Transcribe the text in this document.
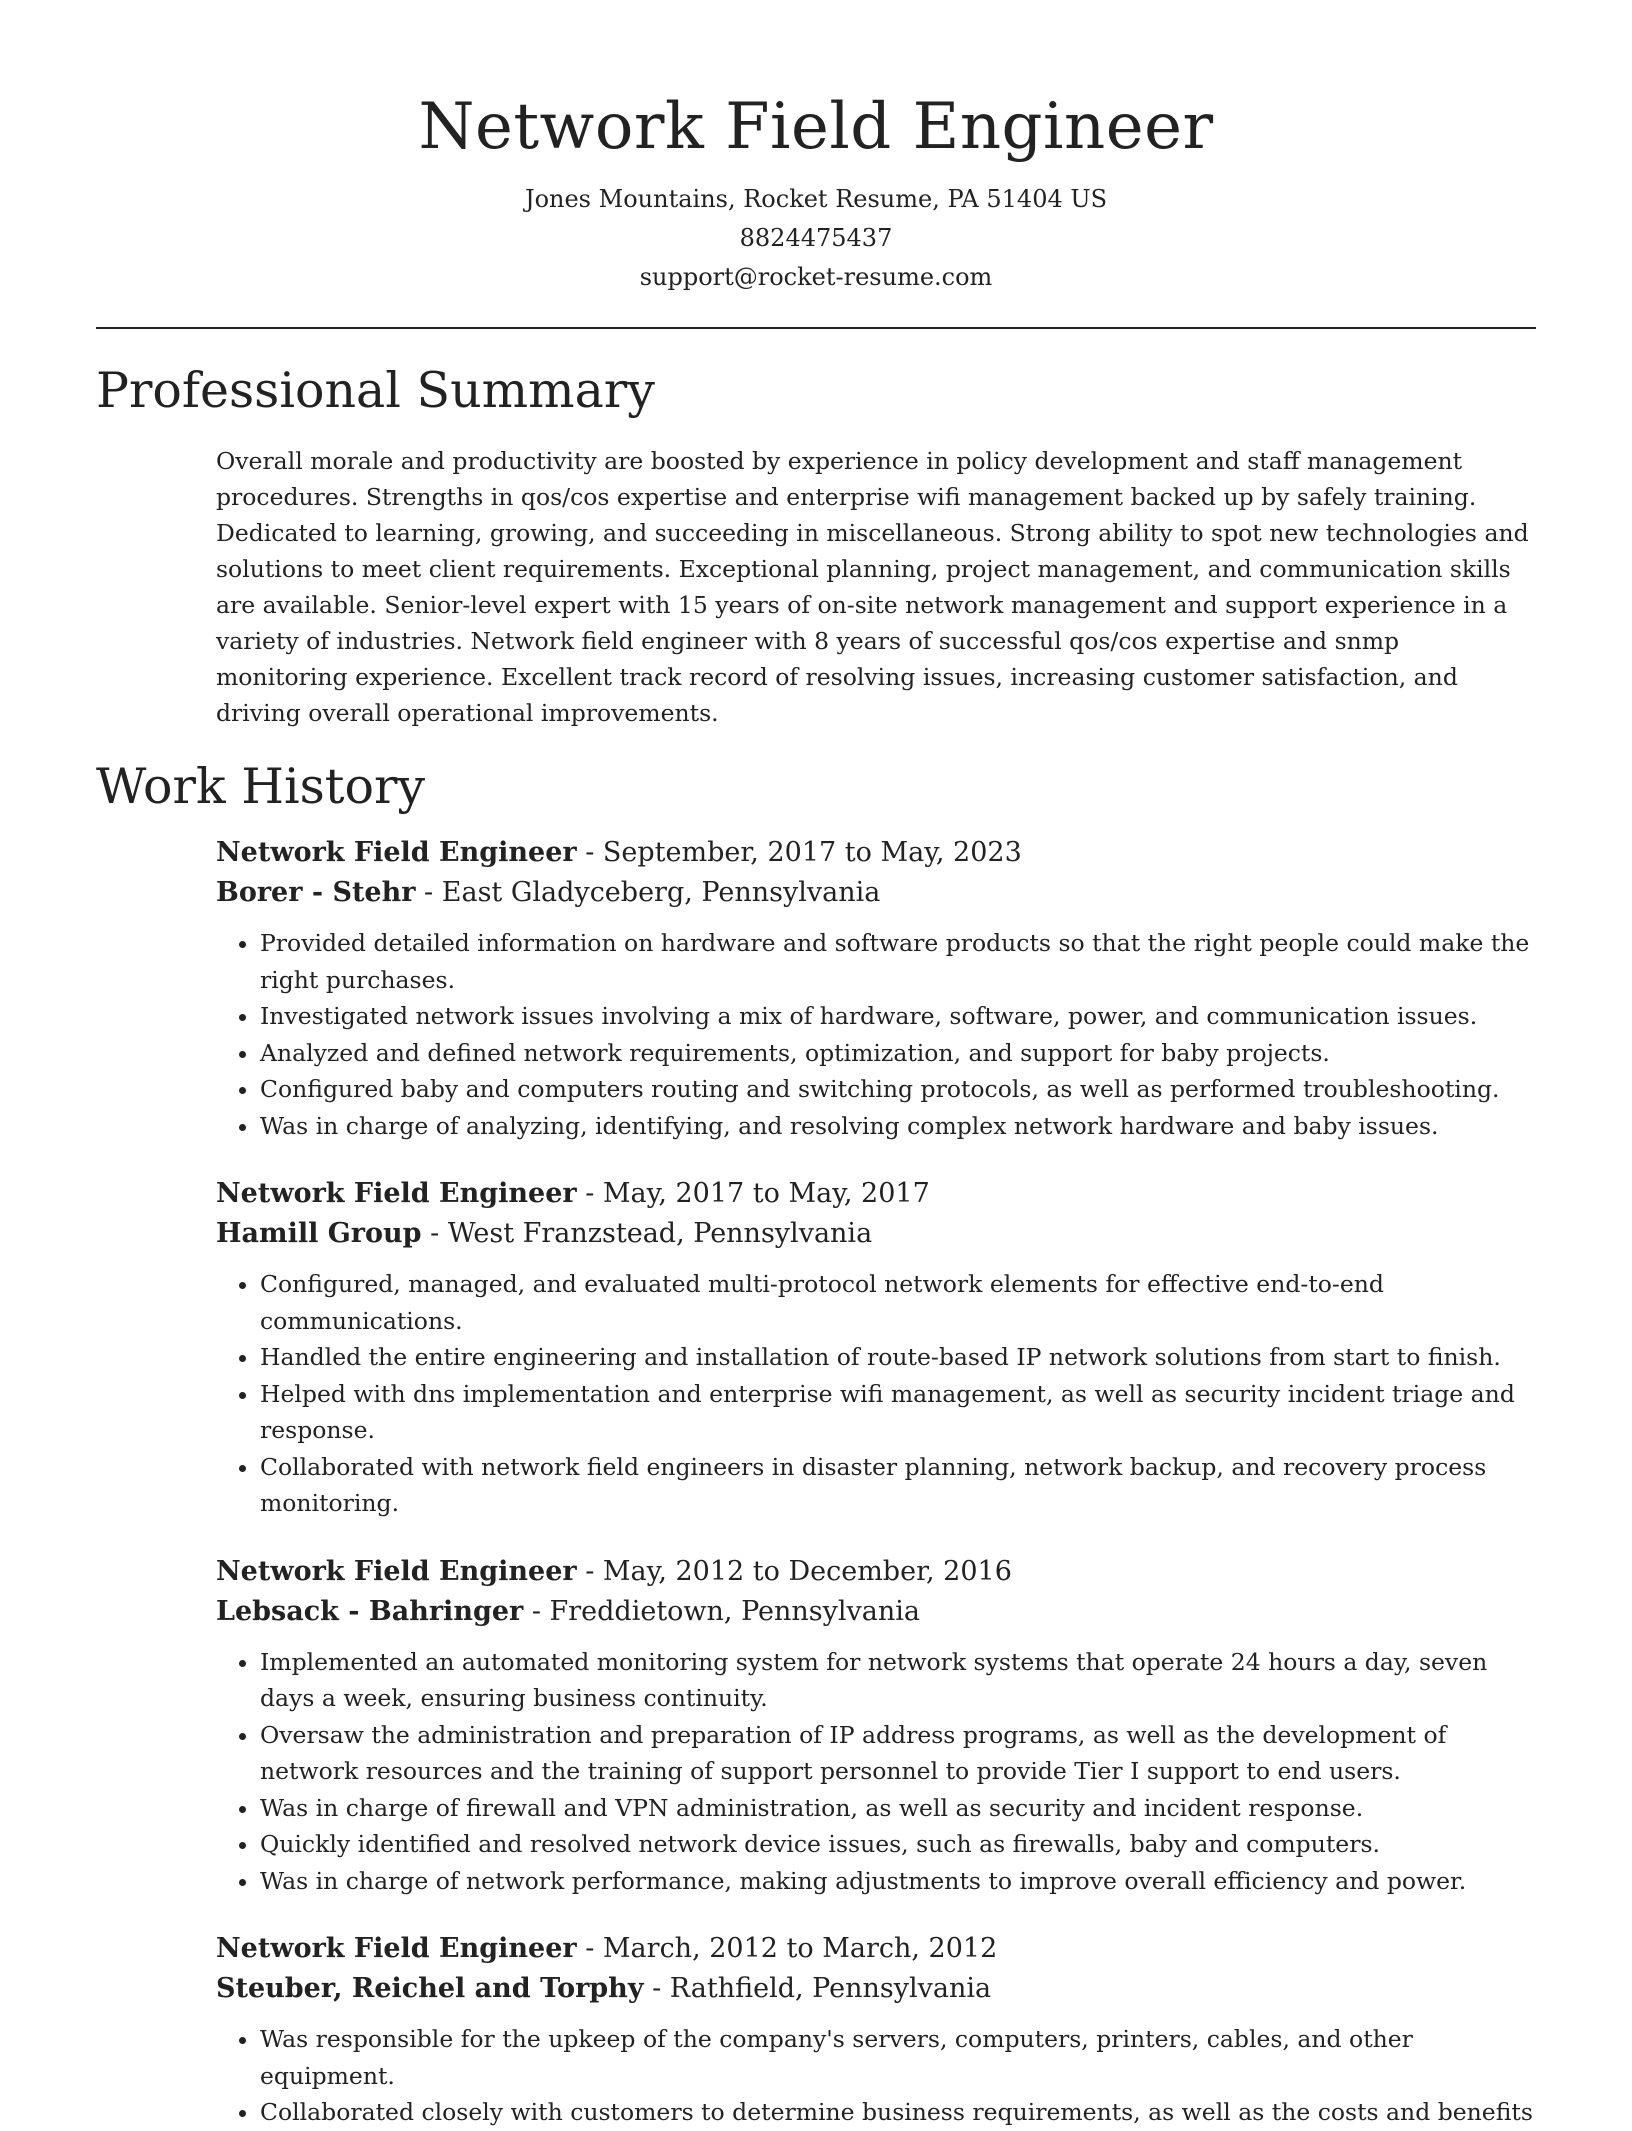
Network Field Engineer
Jones Mountains, Rocket Resume, PA 51404 US
8824475437
support@rocket-resume.com
Professional Summary
Overall morale and productivity are boosted by experience in policy development and staff management procedures. Strengths in qos/cos expertise and enterprise wifi management backed up by safely training. Dedicated to learning, growing, and succeeding in miscellaneous. Strong ability to spot new technologies and solutions to meet client requirements. Exceptional planning, project management, and communication skills are available. Senior-level expert with 15 years of on-site network management and support experience in a variety of industries. Network field engineer with 8 years of successful qos/cos expertise and snmp monitoring experience. Excellent track record of resolving issues, increasing customer satisfaction, and driving overall operational improvements.
Work History
Network Field Engineer - September, 2017 to May, 2023
Borer - Stehr - East Gladyceberg, Pennsylvania
• Provided detailed information on hardware and software products so that the right people could make the right purchases.
• Investigated network issues involving a mix of hardware, software, power, and communication issues.
• Analyzed and defined network requirements, optimization, and support for baby projects.
• Configured baby and computers routing and switching protocols, as well as performed troubleshooting.
• Was in charge of analyzing, identifying, and resolving complex network hardware and baby issues.
Network Field Engineer - May, 2017 to May, 2017
Hamill Group - West Franzstead, Pennsylvania
• Configured, managed, and evaluated multi-protocol network elements for effective end-to-end communications.
• Handled the entire engineering and installation of route-based IP network solutions from start to finish.
• Helped with dns implementation and enterprise wifi management, as well as security incident triage and response.
• Collaborated with network field engineers in disaster planning, network backup, and recovery process monitoring.
Network Field Engineer - May, 2012 to December, 2016
Lebsack - Bahringer - Freddietown, Pennsylvania
• Implemented an automated monitoring system for network systems that operate 24 hours a day, seven days a week, ensuring business continuity.
• Oversaw the administration and preparation of IP address programs, as well as the development of network resources and the training of support personnel to provide Tier I support to end users.
• Was in charge of firewall and VPN administration, as well as security and incident response.
• Quickly identified and resolved network device issues, such as firewalls, baby and computers.
• Was in charge of network performance, making adjustments to improve overall efficiency and power.
Network Field Engineer - March, 2012 to March, 2012
Steuber, Reichel and Torphy - Rathfield, Pennsylvania
• Was responsible for the upkeep of the company's servers, computers, printers, cables, and other equipment.
• Collaborated closely with customers to determine business requirements, as well as the costs and benefits
